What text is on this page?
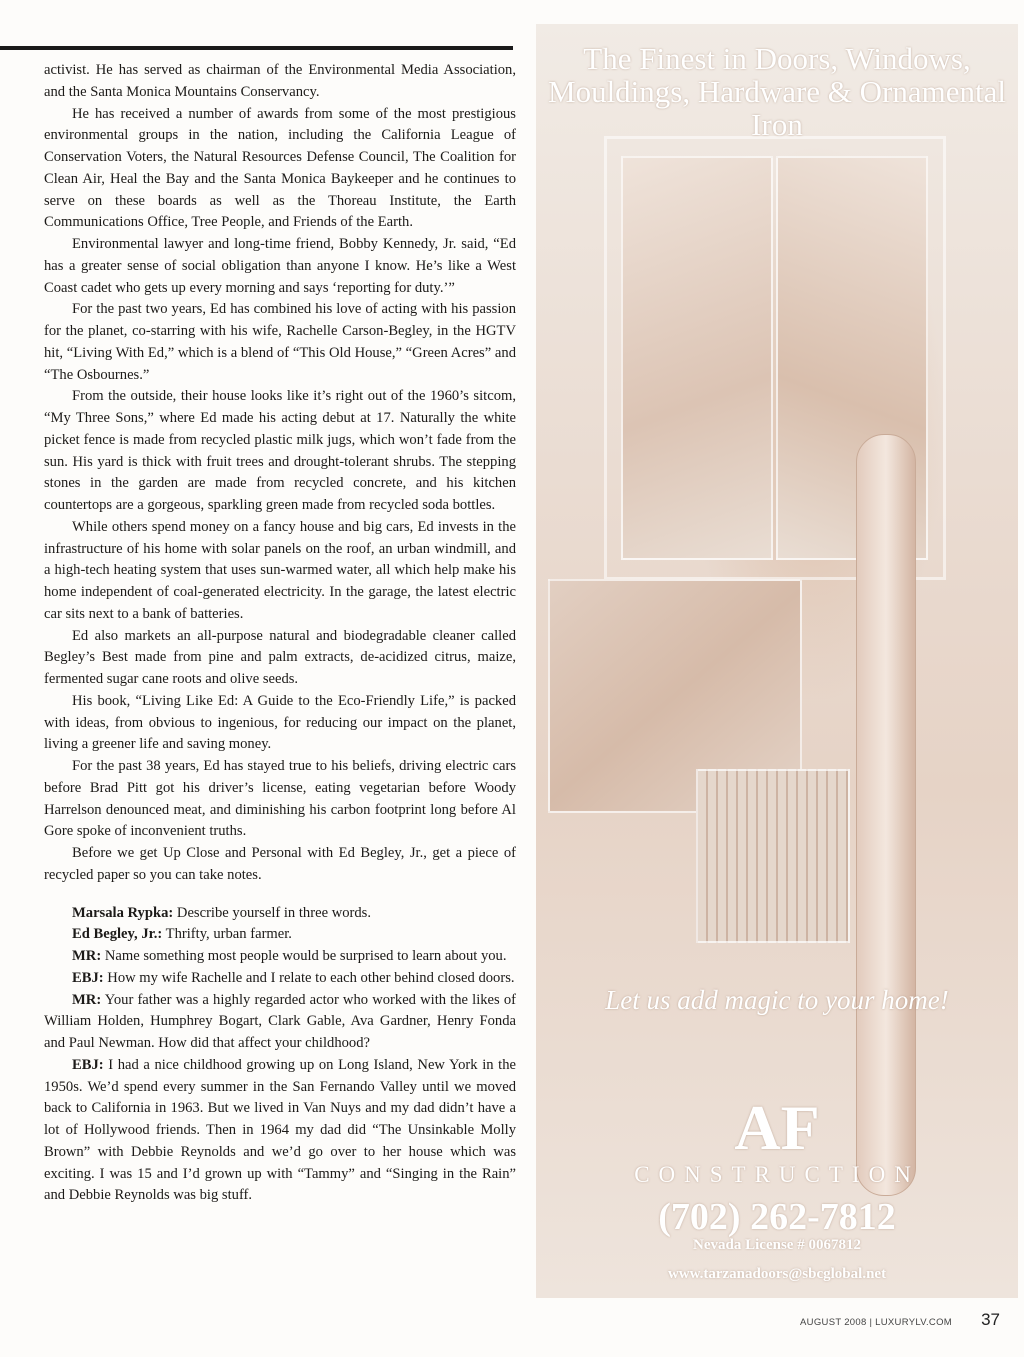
activist. He has served as chairman of the Environmental Media Association, and the Santa Monica Mountains Conservancy.

He has received a number of awards from some of the most prestigious environmental groups in the nation, including the California League of Conservation Voters, the Natural Resources Defense Council, The Coalition for Clean Air, Heal the Bay and the Santa Monica Baykeeper and he continues to serve on these boards as well as the Thoreau Institute, the Earth Communications Office, Tree People, and Friends of the Earth.

Environmental lawyer and long-time friend, Bobby Kennedy, Jr. said, “Ed has a greater sense of social obligation than anyone I know. He’s like a West Coast cadet who gets up every morning and says ‘reporting for duty.’”

For the past two years, Ed has combined his love of acting with his passion for the planet, co-starring with his wife, Rachelle Carson-Begley, in the HGTV hit, “Living With Ed,” which is a blend of “This Old House,” “Green Acres” and “The Osbournes.”

From the outside, their house looks like it’s right out of the 1960’s sitcom, “My Three Sons,” where Ed made his acting debut at 17. Naturally the white picket fence is made from recycled plastic milk jugs, which won’t fade from the sun. His yard is thick with fruit trees and drought-tolerant shrubs. The stepping stones in the garden are made from recycled concrete, and his kitchen countertops are a gorgeous, sparkling green made from recycled soda bottles.

While others spend money on a fancy house and big cars, Ed invests in the infrastructure of his home with solar panels on the roof, an urban windmill, and a high-tech heating system that uses sun-warmed water, all which help make his home independent of coal-generated electricity. In the garage, the latest electric car sits next to a bank of batteries.

Ed also markets an all-purpose natural and biodegradable cleaner called Begley’s Best made from pine and palm extracts, de-acidized citrus, maize, fermented sugar cane roots and olive seeds.

His book, “Living Like Ed: A Guide to the Eco-Friendly Life,” is packed with ideas, from obvious to ingenious, for reducing our impact on the planet, living a greener life and saving money.

For the past 38 years, Ed has stayed true to his beliefs, driving electric cars before Brad Pitt got his driver’s license, eating vegetarian before Woody Harrelson denounced meat, and diminishing his carbon footprint long before Al Gore spoke of inconvenient truths.

Before we get Up Close and Personal with Ed Begley, Jr., get a piece of recycled paper so you can take notes.

Marsala Rypka: Describe yourself in three words.

Ed Begley, Jr.: Thrifty, urban farmer.

MR: Name something most people would be surprised to learn about you.

EBJ: How my wife Rachelle and I relate to each other behind closed doors.

MR: Your father was a highly regarded actor who worked with the likes of William Holden, Humphrey Bogart, Clark Gable, Ava Gardner, Henry Fonda and Paul Newman. How did that affect your childhood?

EBJ: I had a nice childhood growing up on Long Island, New York in the 1950s. We’d spend every summer in the San Fernando Valley until we moved back to California in 1963. But we lived in Van Nuys and my dad didn’t have a lot of Hollywood friends. Then in 1964 my dad did “The Unsinkable Molly Brown” with Debbie Reynolds and we’d go over to her house which was exciting. I was 15 and I’d grown up with “Tammy” and “Singing in the Rain” and Debbie Reynolds was big stuff.

The Finest in Doors, Windows, Mouldings, Hardware & Ornamental Iron
Let us add magic to your home!
AF
CONSTRUCTION
(702) 262-7812
Nevada License # 0067812
www.tarzanadoors@sbcglobal.net
AUGUST 2008 | LUXURYLV.COM 37
